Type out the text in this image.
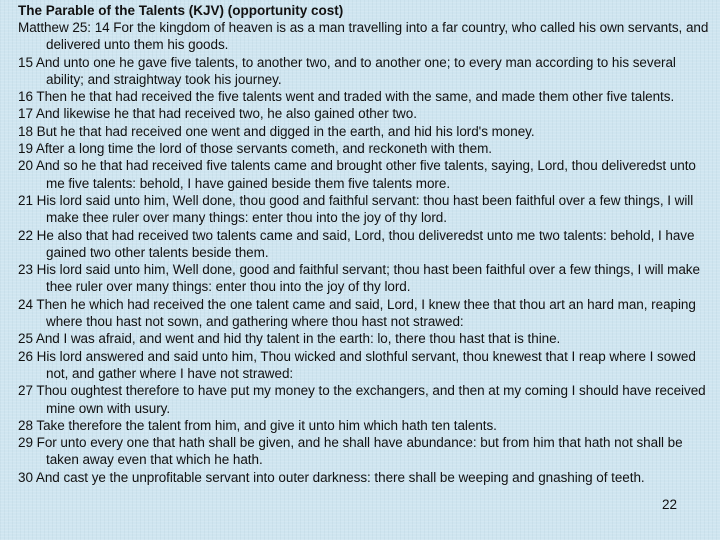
The Parable of the Talents (KJV) (opportunity cost)
Matthew 25: 14 For the kingdom of heaven is as a man travelling into a far country, who called his own servants, and delivered unto them his goods.
15 And unto one he gave five talents, to another two, and to another one; to every man according to his several ability; and straightway took his journey.
16 Then he that had received the five talents went and traded with the same, and made them other five talents.
17 And likewise he that had received two, he also gained other two.
18 But he that had received one went and digged in the earth, and hid his lord's money.
19 After a long time the lord of those servants cometh, and reckoneth with them.
20 And so he that had received five talents came and brought other five talents, saying, Lord, thou deliveredst unto me five talents: behold, I have gained beside them five talents more.
21 His lord said unto him, Well done, thou good and faithful servant: thou hast been faithful over a few things, I will make thee ruler over many things: enter thou into the joy of thy lord.
22 He also that had received two talents came and said, Lord, thou deliveredst unto me two talents: behold, I have gained two other talents beside them.
23 His lord said unto him, Well done, good and faithful servant; thou hast been faithful over a few things, I will make thee ruler over many things: enter thou into the joy of thy lord.
24 Then he which had received the one talent came and said, Lord, I knew thee that thou art an hard man, reaping where thou hast not sown, and gathering where thou hast not strawed:
25 And I was afraid, and went and hid thy talent in the earth: lo, there thou hast that is thine.
26 His lord answered and said unto him, Thou wicked and slothful servant, thou knewest that I reap where I sowed not, and gather where I have not strawed:
27 Thou oughtest therefore to have put my money to the exchangers, and then at my coming I should have received mine own with usury.
28 Take therefore the talent from him, and give it unto him which hath ten talents.
29 For unto every one that hath shall be given, and he shall have abundance: but from him that hath not shall be taken away even that which he hath.
30 And cast ye the unprofitable servant into outer darkness: there shall be weeping and gnashing of teeth.
22
